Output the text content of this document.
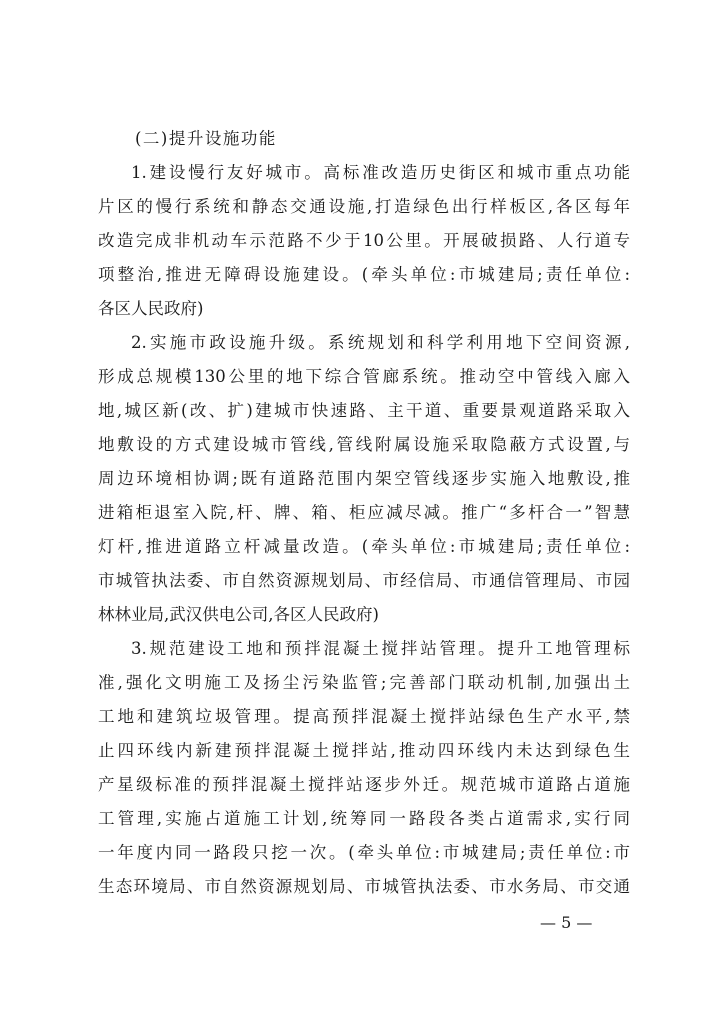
(二)提升设施功能
1.建设慢行友好城市。高标准改造历史街区和城市重点功能
片区的慢行系统和静态交通设施,打造绿色出行样板区,各区每年
改造完成非机动车示范路不少于10公里。开展破损路、人行道专
项整治,推进无障碍设施建设。(牵头单位:市城建局;责任单位:
各区人民政府)
2.实施市政设施升级。系统规划和科学利用地下空间资源,
形成总规模130公里的地下综合管廊系统。推动空中管线入廊入
地,城区新(改、扩)建城市快速路、主干道、重要景观道路采取入
地敷设的方式建设城市管线,管线附属设施采取隐蔽方式设置,与
周边环境相协调;既有道路范围内架空管线逐步实施入地敷设,推
进箱柜退室入院,杆、牌、箱、柜应减尽减。推广“多杆合一”智慧
灯杆,推进道路立杆减量改造。(牵头单位:市城建局;责任单位:
市城管执法委、市自然资源规划局、市经信局、市通信管理局、市园
林林业局,武汉供电公司,各区人民政府)
3.规范建设工地和预拌混凝土搅拌站管理。提升工地管理标
准,强化文明施工及扬尘污染监管;完善部门联动机制,加强出土
工地和建筑垃圾管理。提高预拌混凝土搅拌站绿色生产水平,禁
止四环线内新建预拌混凝土搅拌站,推动四环线内未达到绿色生
产星级标准的预拌混凝土搅拌站逐步外迁。规范城市道路占道施
工管理,实施占道施工计划,统筹同一路段各类占道需求,实行同
一年度内同一路段只挖一次。(牵头单位:市城建局;责任单位:市
生态环境局、市自然资源规划局、市城管执法委、市水务局、市交通
— 5 —
